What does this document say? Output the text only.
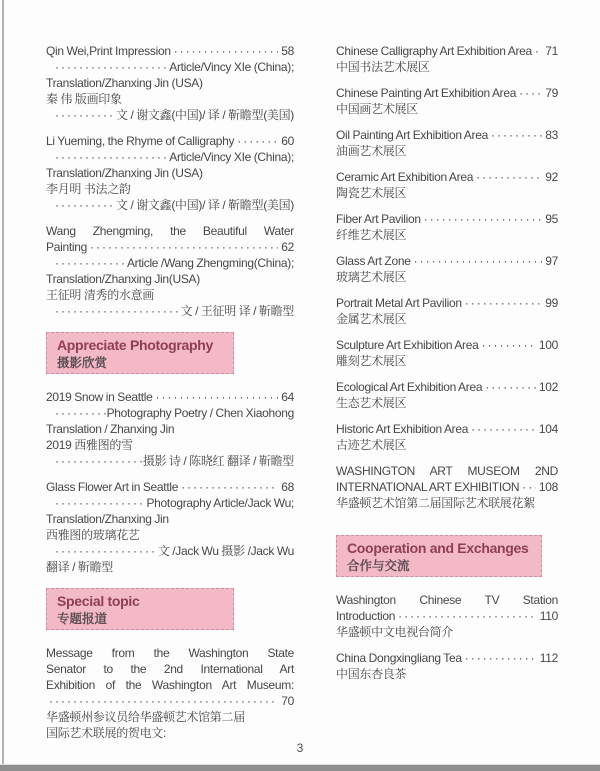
Qin Wei,Print Impression ·····	58
·····
Article/Vincy XIe (China);
Translation/Zhanxing Jin (USA)
秦 伟 版画印象
·····
文 / 谢文鑫(中国)/ 译 / 靳瞻型(美国)
Li Yueming, the Rhyme of Calligraphy ·····	60
·····
Article/Vincy XIe (China);
Translation/Zhanxing Jin (USA)
李月明 书法之韵
·····
文 / 谢文鑫(中国)/ 译 / 靳瞻型(美国)
Wang Zhengming, the Beautiful Water
Painting ·····	62
·····
Article /Wang Zhengming(China);
Translation/Zhanxing Jin(USA)
王征明 清秀的水意画
·····
文 / 王征明 译 / 靳瞻型
Appreciate Photography
摄影欣赏
2019 Snow in Seattle ·····	64
·····
Photography Poetry / Chen Xiaohong
Translation / Zhanxing Jin
2019 西雅图的雪
·····
摄影 诗 / 陈晓红 翻译 / 靳瞻型
Glass Flower Art in Seattle ·····	68
·····
Photography Article/Jack Wu;
Translation/Zhanxing Jin
西雅图的玻璃花艺
·····
文 /Jack Wu 摄影 /Jack Wu
翻译 / 靳瞻型
Special topic
专题报道
Message from the Washington State
Senator to the 2nd International Art
Exhibition of the Washington Art Museum:
·····
70
华盛顿州参议员给华盛顿艺术馆第二届
国际艺术联展的贺电文:
Chinese Calligraphy Art Exhibition Area ····· 71
中国书法艺术展区
Chinese Painting Art Exhibition Area ····· 79
中国画艺术展区
Oil Painting Art Exhibition Area ·····	83
油画艺术展区
Ceramic Art Exhibition Area ·····	92
陶瓷艺术展区
Fiber Art Pavilion ·····	95
纤维艺术展区
Glass Art Zone ·····	97
玻璃艺术展区
Portrait Metal Art Pavilion ·····	99
金属艺术展区
Sculpture Art Exhibition Area ·····	100
雕刻艺术展区
Ecological Art Exhibition Area ·····	102
生态艺术展区
Historic Art Exhibition Area ·····	104
古迹艺术展区
WASHINGTON ART MUSEOM 2ND
INTERNATIONAL ART EXHIBITION ····· 108
华盛顿艺术馆第二届国际艺术联展花絮
Cooperation and Exchanges
合作与交流
Washington Chinese TV Station
Introduction ·····	110
华盛顿中文电视台简介
China Dongxingliang Tea ·····	112
中国东杏良茶
3
